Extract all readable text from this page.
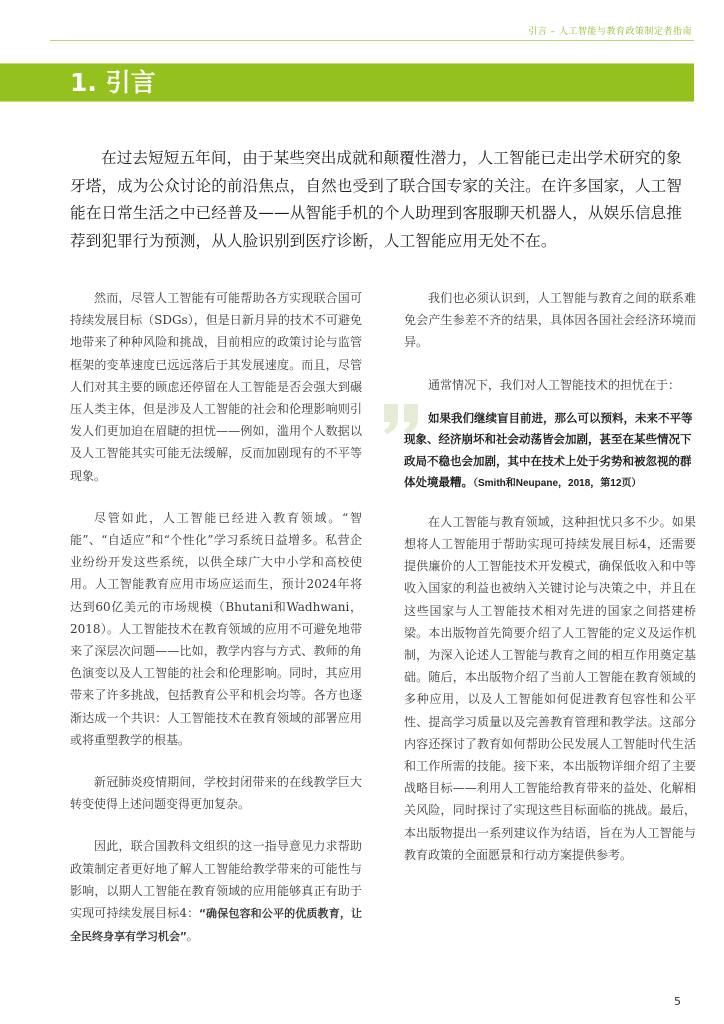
引言 – 人工智能与教育政策制定者指南
1. 引言
在过去短短五年间，由于某些突出成就和颠覆性潜力，人工智能已走出学术研究的象牙塔，成为公众讨论的前沿焦点，自然也受到了联合国专家的关注。在许多国家，人工智能在日常生活之中已经普及——从智能手机的个人助理到客服聊天机器人，从娱乐信息推荐到犯罪行为预测，从人脸识别到医疗诊断，人工智能应用无处不在。

然而，尽管人工智能有可能帮助各方实现联合国可持续发展目标（SDGs），但是日新月异的技术不可避免地带来了种种风险和挑战，目前相应的政策讨论与监管框架的变革速度已远远落后于其发展速度。而且，尽管人们对其主要的顾虑还停留在人工智能是否会强大到碾压人类主体，但是涉及人工智能的社会和伦理影响则引发人们更加迫在眉睫的担忧——例如，滥用个人数据以及人工智能其实可能无法缓解，反而加剧现有的不平等现象。

尽管如此，人工智能已经进入教育领域。“智能”、“自适应”和“个性化”学习系统日益增多。私营企业纷纷开发这些系统，以供全球广大中小学和高校使用。人工智能教育应用市场应运而生，预计2024年将达到60亿美元的市场规模（Bhutani和Wadhwani，2018）。人工智能技术在教育领域的应用不可避免地带来了深层次问题——比如，教学内容与方式、教师的角色演变以及人工智能的社会和伦理影响。同时，其应用带来了许多挑战，包括教育公平和机会均等。各方也逐渐达成一个共识：人工智能技术在教育领域的部署应用或将重塑教学的根基。

新冠肺炎疫情期间，学校封闭带来的在线教学巨大转变使得上述问题变得更加复杂。

因此，联合国教科文组织的这一指导意见力求帮助政策制定者更好地了解人工智能给教学带来的可能性与影响，以期人工智能在教育领域的应用能够真正有助于实现可持续发展目标4：“确保包容和公平的优质教育，让全民终身享有学习机会”。

我们也必须认识到，人工智能与教育之间的联系难免会产生参差不齐的结果，具体因各国社会经济环境而异。

通常情况下，我们对人工智能技术的担忧在于：

如果我们继续盲目前进，那么可以预料，未来不平等现象、经济崩坏和社会动荡皆会加剧，甚至在某些情况下政局不稳也会加剧，其中在技术上处于劣势和被忽视的群体处境最糟。（Smith和Neupane，2018，第12页）

在人工智能与教育领域，这种担忧只多不少。如果想将人工智能用于帮助实现可持续发展目标4，还需要提供廉价的人工智能技术开发模式，确保低收入和中等收入国家的利益也被纳入关键讨论与决策之中，并且在这些国家与人工智能技术相对先进的国家之间搭建桥梁。本出版物首先简要介绍了人工智能的定义及运作机制，为深入论述人工智能与教育之间的相互作用奠定基础。随后，本出版物介绍了当前人工智能在教育领域的多种应用，以及人工智能如何促进教育包容性和公平性、提高学习质量以及完善教育管理和教学法。这部分内容还探讨了教育如何帮助公民发展人工智能时代生活和工作所需的技能。接下来，本出版物详细介绍了主要战略目标——利用人工智能给教育带来的益处、化解相关风险，同时探讨了实现这些目标面临的挑战。最后，本出版物提出一系列建议作为结语，旨在为人工智能与教育政策的全面愿景和行动方案提供参考。

5
